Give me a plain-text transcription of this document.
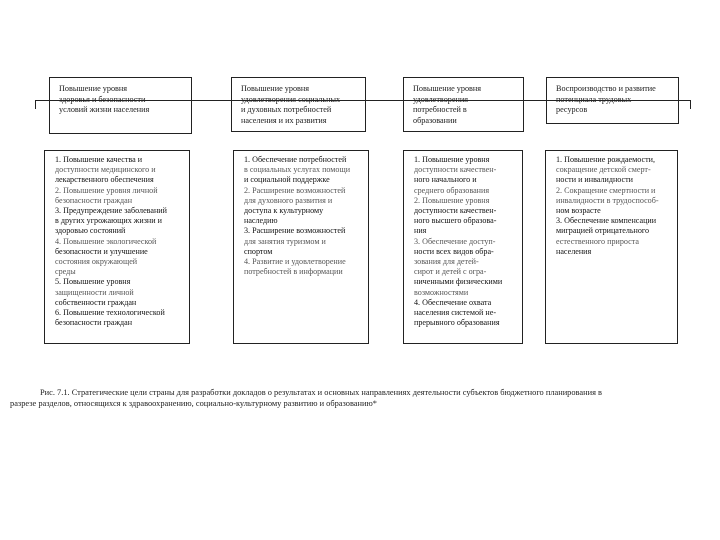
Повышение уровня
здоровья и безопасности
условий жизни населения
Повышение уровня
удовлетворения социальных
и духовных потребностей
населения и их развития
Повышение уровня
удовлетворения
потребностей в
образовании
Воспроизводство и развитие
потенциала трудовых
ресурсов
1. Повышение качества и
доступности медицинского и
лекарственного обеспечения
2. Повышение уровня личной
безопасности граждан
3. Предупреждение заболеваний
в других угрожающих жизни и
здоровью состояний
4. Повышение экологической
безопасности и улучшение
состояния окружающей
среды
5. Повышение уровня
защищенности личной
собственности граждан
6. Повышение технологической
безопасности граждан
1. Обеспечение потребностей
в социальных услугах помощи
и социальной поддержке
2. Расширение возможностей
для духовного развития и
доступа к культурному
наследию
3. Расширение возможностей
для занятия туризмом и
спортом
4. Развитие и удовлетворение
потребностей в информации
1. Повышение уровня
доступности качествен-
ного начального и
среднего образования
2. Повышение уровня
доступности качествен-
ного высшего образова-
ния
3. Обеспечение доступ-
ности всех видов обра-
зования для детей-
сирот и детей с огра-
ниченными физическими
возможностями
4. Обеспечение охвата
населения системой не-
прерывного образования
1. Повышение рождаемости,
сокращение детской смерт-
ности и инвалидности
2. Сокращение смертности и
инвалидности в трудоспособ-
ном возрасте
3. Обеспечение компенсации
миграцией отрицательного
естественного прироста
населения
Рис. 7.1. Стратегические цели страны для разработки докладов о результатах и основных направлениях деятельности субъектов бюджетного планирования в
разрезе разделов, относящихся к здравоохранению, социально-культурному развитию и образованию*
